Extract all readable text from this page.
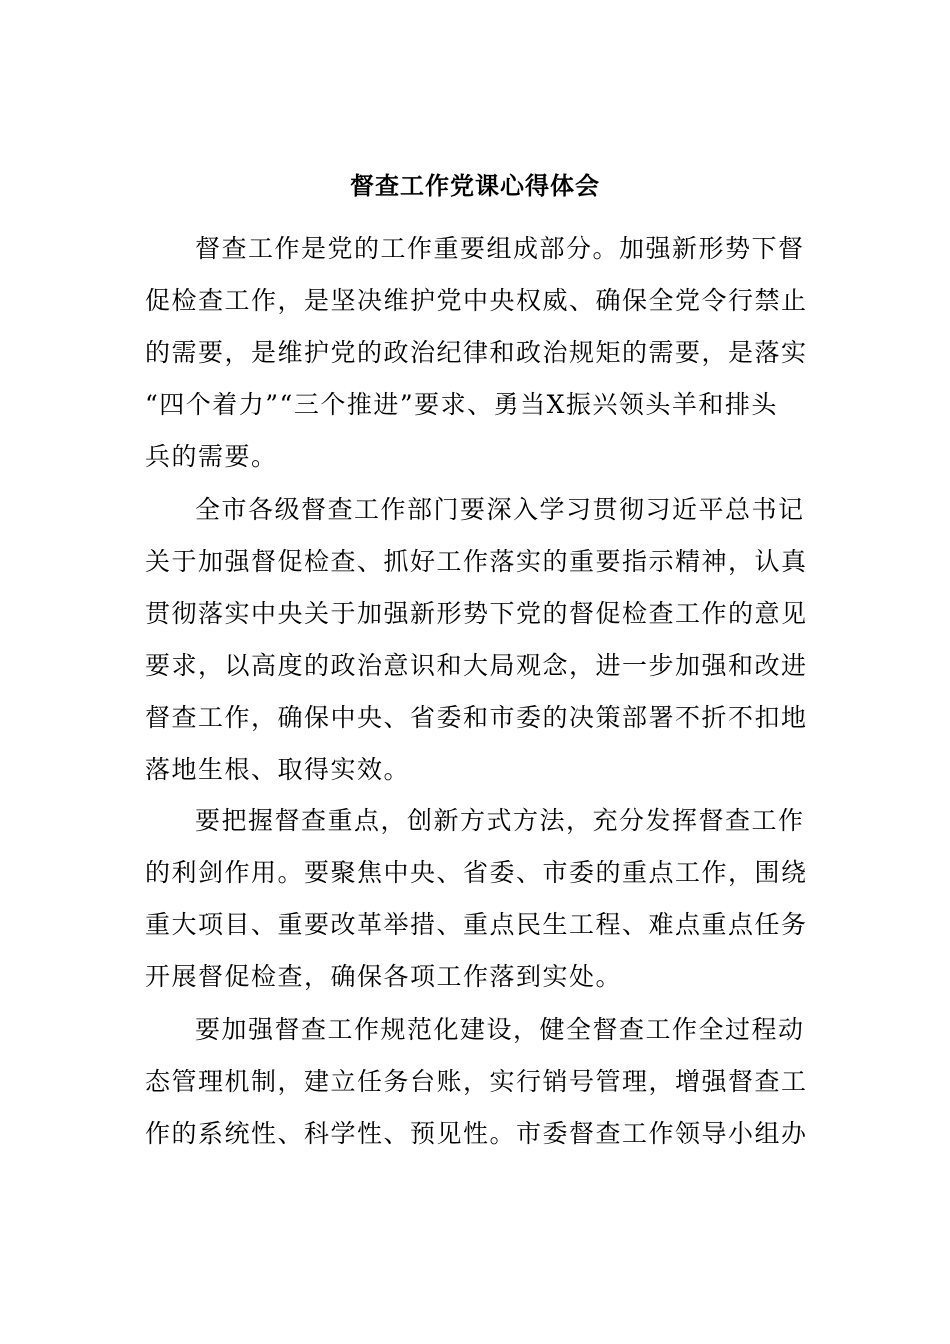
督查工作党课心得体会
督查工作是党的工作重要组成部分。加强新形势下督
促检查工作，是坚决维护党中央权威、确保全党令行禁止
的需要，是维护党的政治纪律和政治规矩的需要，是落实
“四个着力”“三个推进”要求、勇当X振兴领头羊和排头
兵的需要。
全市各级督查工作部门要深入学习贯彻习近平总书记
关于加强督促检查、抓好工作落实的重要指示精神，认真
贯彻落实中央关于加强新形势下党的督促检查工作的意见
要求，以高度的政治意识和大局观念，进一步加强和改进
督查工作，确保中央、省委和市委的决策部署不折不扣地
落地生根、取得实效。
要把握督查重点，创新方式方法，充分发挥督查工作
的利剑作用。要聚焦中央、省委、市委的重点工作，围绕
重大项目、重要改革举措、重点民生工程、难点重点任务
开展督促检查，确保各项工作落到实处。
要加强督查工作规范化建设，健全督查工作全过程动
态管理机制，建立任务台账，实行销号管理，增强督查工
作的系统性、科学性、预见性。市委督查工作领导小组办
